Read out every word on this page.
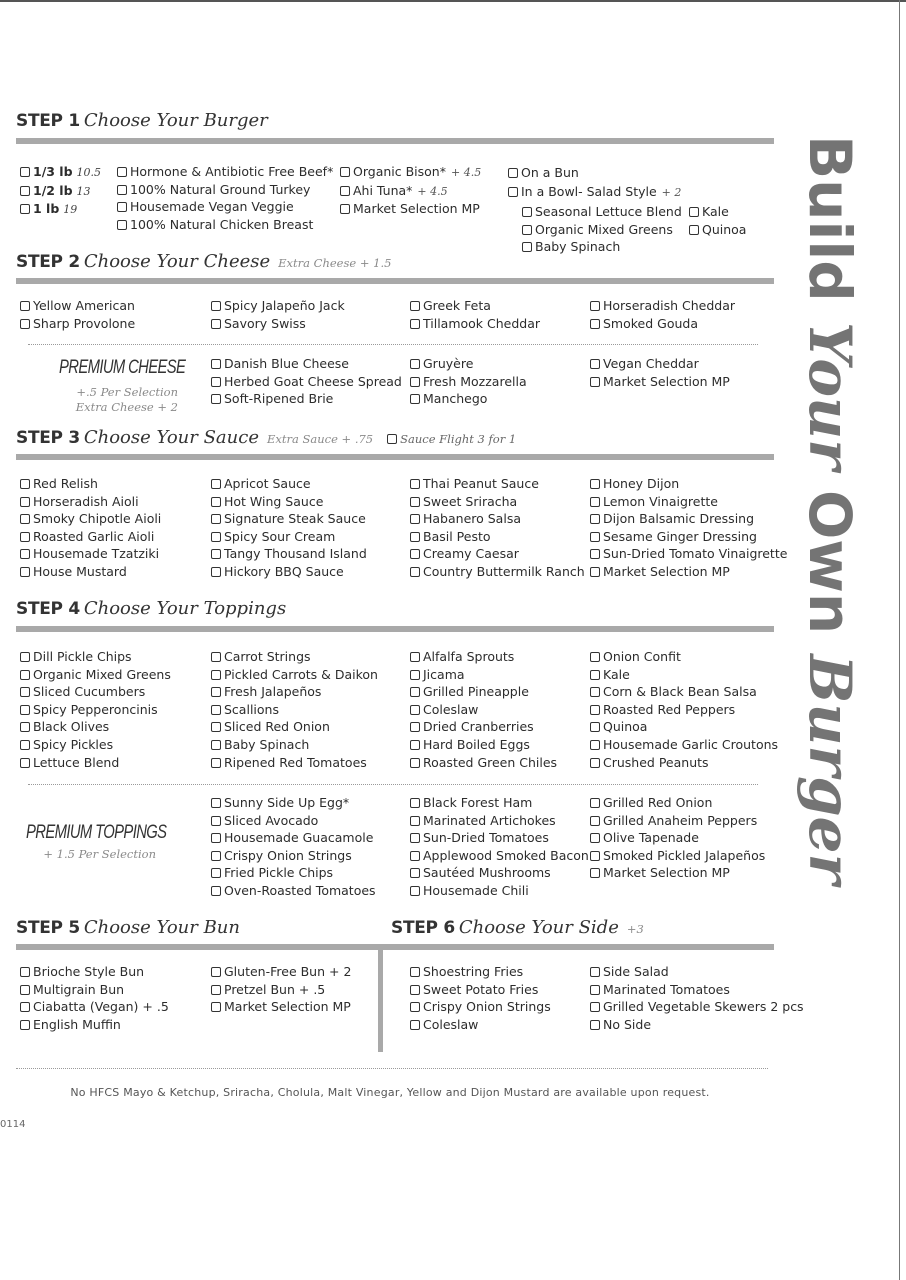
STEP 1 Choose Your Burger
1/3 lb 10.5
1/2 lb 13
1 lb 19
Hormone & Antibiotic Free Beef*
100% Natural Ground Turkey
Housemade Vegan Veggie
100% Natural Chicken Breast
Organic Bison* + 4.5
Ahi Tuna* + 4.5
Market Selection MP
On a Bun
In a Bowl- Salad Style + 2
Seasonal Lettuce Blend
Organic Mixed Greens
Baby Spinach
Kale
Quinoa
STEP 2 Choose Your Cheese Extra Cheese + 1.5
Yellow American
Sharp Provolone
Spicy Jalapeño Jack
Savory Swiss
Greek Feta
Tillamook Cheddar
Horseradish Cheddar
Smoked Gouda
PREMIUM CHEESE
+.5 Per Selection
Extra Cheese + 2
Danish Blue Cheese
Herbed Goat Cheese Spread
Soft-Ripened Brie
Gruyère
Fresh Mozzarella
Manchego
Vegan Cheddar
Market Selection MP
STEP 3 Choose Your Sauce Extra Sauce + .75 Sauce Flight 3 for 1
Red Relish
Horseradish Aioli
Smoky Chipotle Aioli
Roasted Garlic Aioli
Housemade Tzatziki
House Mustard
Apricot Sauce
Hot Wing Sauce
Signature Steak Sauce
Spicy Sour Cream
Tangy Thousand Island
Hickory BBQ Sauce
Thai Peanut Sauce
Sweet Sriracha
Habanero Salsa
Basil Pesto
Creamy Caesar
Country Buttermilk Ranch
Honey Dijon
Lemon Vinaigrette
Dijon Balsamic Dressing
Sesame Ginger Dressing
Sun-Dried Tomato Vinaigrette
Market Selection MP
STEP 4 Choose Your Toppings
Dill Pickle Chips
Organic Mixed Greens
Sliced Cucumbers
Spicy Pepperoncinis
Black Olives
Spicy Pickles
Lettuce Blend
Carrot Strings
Pickled Carrots & Daikon
Fresh Jalapeños
Scallions
Sliced Red Onion
Baby Spinach
Ripened Red Tomatoes
Alfalfa Sprouts
Jicama
Grilled Pineapple
Coleslaw
Dried Cranberries
Hard Boiled Eggs
Roasted Green Chiles
Onion Confit
Kale
Corn & Black Bean Salsa
Roasted Red Peppers
Quinoa
Housemade Garlic Croutons
Crushed Peanuts
PREMIUM TOPPINGS
+ 1.5 Per Selection
Sunny Side Up Egg*
Sliced Avocado
Housemade Guacamole
Crispy Onion Strings
Fried Pickle Chips
Oven-Roasted Tomatoes
Black Forest Ham
Marinated Artichokes
Sun-Dried Tomatoes
Applewood Smoked Bacon
Sautéed Mushrooms
Housemade Chili
Grilled Red Onion
Grilled Anaheim Peppers
Olive Tapenade
Smoked Pickled Jalapeños
Market Selection MP
STEP 5 Choose Your Bun
Brioche Style Bun
Multigrain Bun
Ciabatta (Vegan) + .5
English Muffin
Gluten-Free Bun + 2
Pretzel Bun + .5
Market Selection MP
STEP 6 Choose Your Side +3
Shoestring Fries
Sweet Potato Fries
Crispy Onion Strings
Coleslaw
Side Salad
Marinated Tomatoes
Grilled Vegetable Skewers 2 pcs
No Side
No HFCS Mayo & Ketchup, Sriracha, Cholula, Malt Vinegar, Yellow and Dijon Mustard are available upon request.
0114
Build Your Own Burger
